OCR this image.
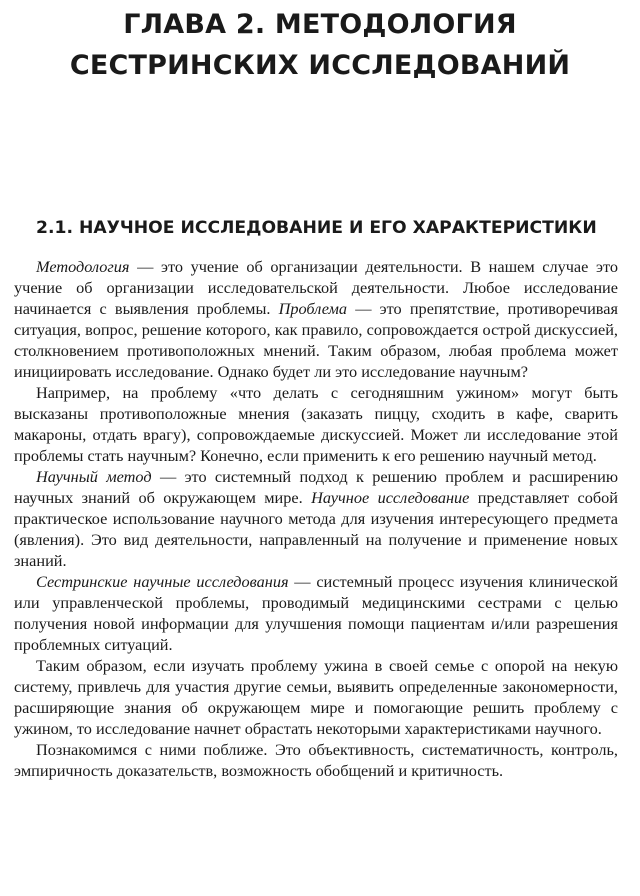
ГЛАВА 2. МЕТОДОЛОГИЯ
СЕСТРИНСКИХ ИССЛЕДОВАНИЙ
2.1. НАУЧНОЕ ИССЛЕДОВАНИЕ И ЕГО ХАРАКТЕРИСТИКИ

Методология — это учение об организации деятельности. В нашем случае это учение об организации исследовательской деятельности. Любое исследование начинается с выявления проблемы. Проблема — это препятствие, противоречивая ситуация, вопрос, решение которого, как правило, сопровождается острой дискуссией, столкновением противоположных мнений. Таким образом, любая проблема может инициировать исследование. Однако будет ли это исследование научным?

Например, на проблему «что делать с сегодняшним ужином» могут быть высказаны противоположные мнения (заказать пиццу, сходить в кафе, сварить макароны, отдать врагу), сопровождаемые дискуссией. Может ли исследование этой проблемы стать научным? Конечно, если применить к его решению научный метод.

Научный метод — это системный подход к решению проблем и расширению научных знаний об окружающем мире. Научное исследование представляет собой практическое использование научного метода для изучения интересующего предмета (явления). Это вид деятельности, направленный на получение и применение новых знаний.

Сестринские научные исследования — системный процесс изучения клинической или управленческой проблемы, проводимый медицинскими сестрами с целью получения новой информации для улучшения помощи пациентам и/или разрешения проблемных ситуаций.

Таким образом, если изучать проблему ужина в своей семье с опорой на некую систему, привлечь для участия другие семьи, выявить определенные закономерности, расширяющие знания об окружающем мире и помогающие решить проблему с ужином, то исследование начнет обрастать некоторыми характеристиками научного.

Познакомимся с ними поближе. Это объективность, систематичность, контроль, эмпиричность доказательств, возможность обобщений и критичность.
